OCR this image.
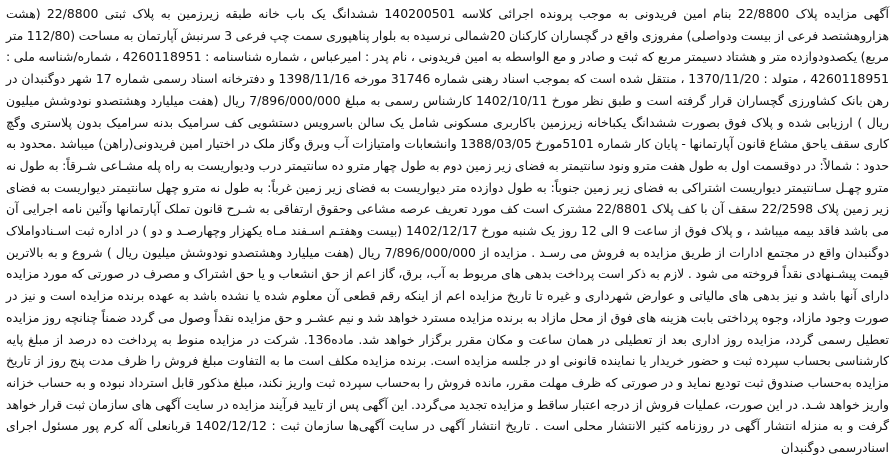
آگهی مزایده پلاک 22/8800 بنام امین فریدونی به موجب پرونده اجرائی کلاسه 140200501 ششدانگ یک باب خانه طبقه زیرزمین به پلاک ثبتی 22/8800 (هشت هزاروهشتصد فرعی از بیست ودواصلی) مفروزی واقع در گچساران کارکنان 20شمالی نرسیده به بلوار پناهپوری سمت چپ فرعی 3 سرنبش آپارتمان به مساحت (112/80 متر مربع) یکصدودوازده متر و هشتاد دسیمتر مربع که ثبت و صادر و مع الواسطه به امین فریدونی ، نام پدر : امیرعباس ، شماره شناسنامه : 4260118951 ، شماره/شناسه ملی : 4260118951 ، متولد : 1370/11/20 ، منتقل شده است که بموجب اسناد رهنی شماره 31746 مورخه 1398/11/16 و دفترخانه اسناد رسمی شماره 17 شهر دوگنبدان در رهن بانک کشاورزی گچساران قرار گرفته است و طبق نظر مورخ 1402/10/11 کارشناس رسمی به مبلغ 7/896/000/000 ریال (هفت میلیارد وهشتصدو نودوشش میلیون ریال ) ارزیابی شده و پلاک فوق بصورت ششدانگ یکباخانه زیرزمین باکاربری مسکونی شامل یک سالن باسرویس دستشویی کف سرامیک بدنه سرامیک بدون پلاستری وگچ کاری سقف یاحق مشاع قانون آپارتمانها - پایان کار شماره 5101مورخ 1388/03/05 وانشعابات وامتیازات آب وبرق وگاز ملک در اختیار امین فریدونی(راهن) میباشد .محدود به حدود : شمالاً: در دوقسمت اول به طول هفت مترو ونود سانتیمتر به فضای زیر زمین دوم به طول چهار مترو ده سانتیمتر درب ودیواریست به راه پله مشـاعی شـرقاً: به طول نه مترو چهـل سـانتیمتر دیواریست اشتراکی به فضای زیر زمین جنوباً: به طول دوازده متر دیواریست به فضای زیر زمین غرباً: به طول نه مترو چهل سانتیمتر دیواریست به فضای زیر زمین پلاک 22/2598 سقف آن با کف پلاک 22/8801 مشترک است کف مورد تعریف عرصه مشاعی وحقوق ارتفاقی به شـرح قانون تملک آپارتمانها وآئین نامه اجرایی آن می باشد فاقد بیمه میباشد ، و پلاک فوق از ساعت 9 الی 12 روز یک شنبه مورخ 1402/12/17 (بیست وهفتـم اسـفند مـاه یکهزار وچهارصـد و دو ) در اداره ثبت اسـنادواملاک دوگنبدان واقع در مجتمع ادارات از طریق مزایده به فروش می رسـد . مزایده از 7/896/000/000 ریال (هفت میلیارد وهشتصدو نودوشش میلیون ریال ) شروع و به بالاترین قیمت پیشـنهادی نقداً فروخته می شود . لازم به ذکر است پرداخت بدهی های مربوط به آب، برق، گاز اعم از حق انشعاب و یا حق اشتراک و مصرف در صورتی که مورد مزایده دارای آنها باشد و نیز بدهی های مالیاتی و عوارض شهرداری و غیره تا تاریخ مزایده اعم از اینکه رقم قطعی آن معلوم شده یا نشده باشد به عهده برنده مزایده است و نیز در صورت وجود مازاد، وجوه پرداختی بابت هزینه های فوق از محل مازاد به برنده مزایده مسترد خواهد شد و نیم عشـر و حق مزایده نقداً وصول می گردد ضمناً چنانچه روز مزایده تعطیل رسمی گردد، مزایده روز اداری بعد از تعطیلی در همان ساعت و مکان مقرر برگزار خواهد شد. ماده136. شرکت در مزایده منوط به پرداخت ده درصد از مبلغ پایه کارشناسی بحساب سپرده ثبت و حضور خریدار یا نماینده قانونی او در جلسه مزایده است. برنده مزایده مکلف است ما به التفاوت مبلغ فروش را ظرف مدت پنج روز از تاریخ مزایده به‌حساب صندوق ثبت تودیع نماید و در صورتی که ظرف مهلت مقرر، مانده فروش را به‌حساب سپرده ثبت واریز نکند، مبلغ مذکور قابل استرداد نبوده و به حساب خزانه واریز خواهد شـد. در این صورت، عملیات فروش از درجه اعتبار ساقط و مزایده تجدید می‌گردد. این آگهی پس از تایید فرآیند مزایده در سایت آگهی های سازمان ثبت قرار خواهد گرفت و به منزله انتشار آگهی در روزنامه کثیر الانتشار محلی است . تاریخ انتشار آگهی در سایت آگهی‌ها سازمان ثبت : 1402/12/12 قربانعلی آله کرم پور مسئول اجرای اسنادرسمی دوگنبدان
